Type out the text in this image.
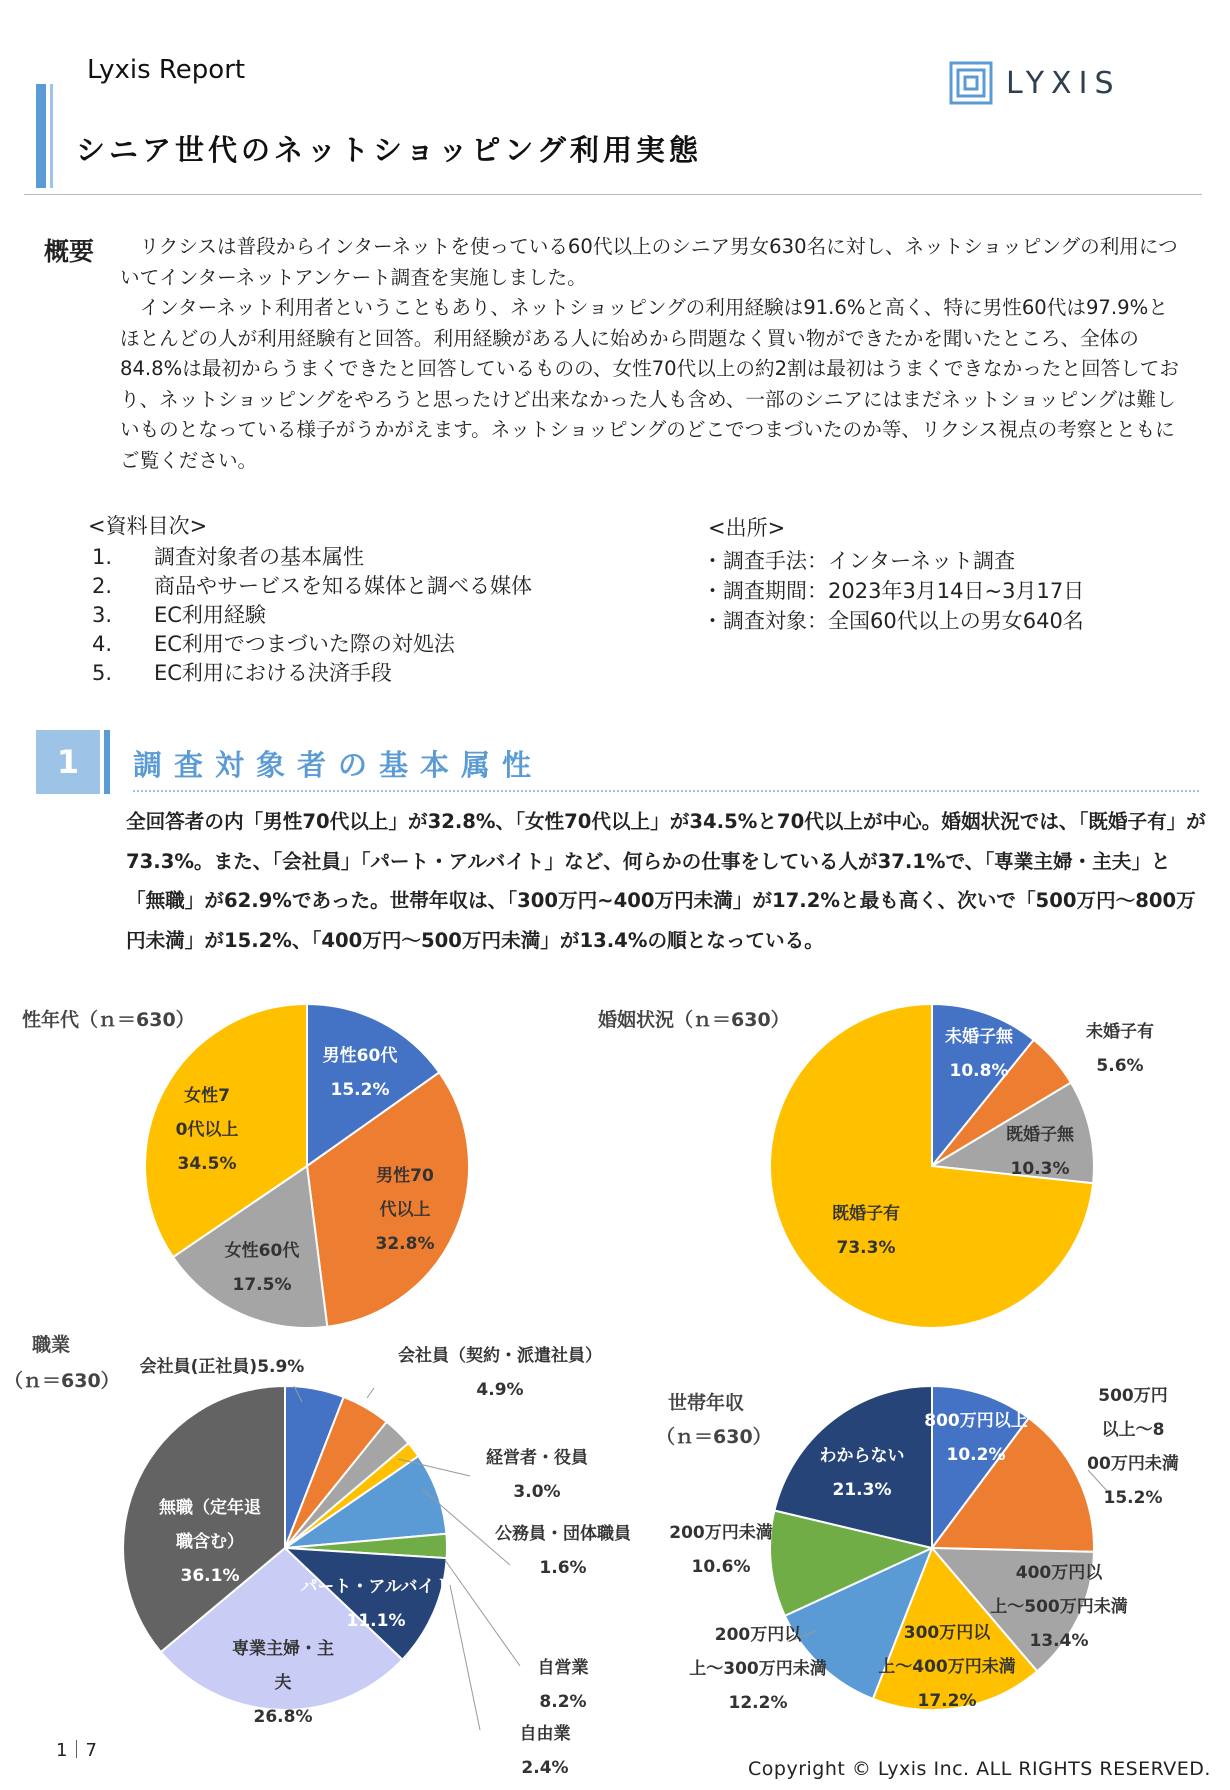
Lyxis Report
シニア世代のネットショッピング利用実態
LYXIS
概要 　リクシスは普段からインターネットを使っている60代以上のシニア男女630名に対し、ネットショッピングの利用についてインターネットアンケート調査を実施しました。

　インターネット利用者ということもあり、ネットショッピングの利用経験は91.6%と高く、特に男性60代は97.9%とほとんどの人が利用経験有と回答。利用経験がある人に始めから問題なく買い物ができたかを聞いたところ、全体の84.8%は最初からうまくできたと回答しているものの、女性70代以上の約2割は最初はうまくできなかったと回答しており、ネットショッピングをやろうと思ったけど出来なかった人も含め、一部のシニアにはまだネットショッピングは難しいものとなっている様子がうかがえます。ネットショッピングのどこでつまづいたのか等、リクシス視点の考察とともにご覧ください。

<資料目次>
1.	調査対象者の基本属性
2.	商品やサービスを知る媒体と調べる媒体
3.	EC利用経験
4.	EC利用でつまづいた際の対処法
5.	EC利用における決済手段
<出所>
・調査手法：インターネット調査
・調査期間：2023年3月14日~3月17日
・調査対象：全国60代以上の男女640名
1	調査対象者の基本属性
全回答者の内「男性70代以上」が32.8%、「女性70代以上」が34.5%と70代以上が中心。婚姻状況では、「既婚子有」が73.3%。また、「会社員」「パート・アルバイト」など、何らかの仕事をしている人が37.1%で、「専業主婦・主夫」と「無職」が62.9%であった。世帯年収は、「300万円~400万円未満」が17.2%と最も高く、次いで「500万円～800万円未満」が15.2%、「400万円～500万円未満」が13.4%の順となっている。
性年代（ｎ＝630）	婚姻状況（ｎ＝630）
職業
（ｎ＝630）
世帯年収
（ｎ＝630）
男性60代 15.2%
男性70 代以上 32.8%
女性60代 17.5%
女性7 0代以上 34.5%
未婚子無 10.8%
未婚子有 5.6%
既婚子無 10.3%
既婚子有 73.3%
会社員(正社員)5.9%
会社員（契約・派遣社員） 4.9%
経営者・役員 3.0%
公務員・団体職員 1.6%
自営業 8.2%
自由業 2.4%
パート・アルバイト 11.1%
専業主婦・主夫 26.8%
無職（定年退職含む） 36.1%
800万円以上 10.2%
500万円以上～8 00万円未満 15.2%
400万円以上～500万円未満 13.4%
300万円以上～400万円未満 17.2%
200万円以上～300万円未満 12.2%
200万円未満 10.6%
わからない 21.3%
1｜7
Copyright © Lyxis Inc. ALL RIGHTS RESERVED.
